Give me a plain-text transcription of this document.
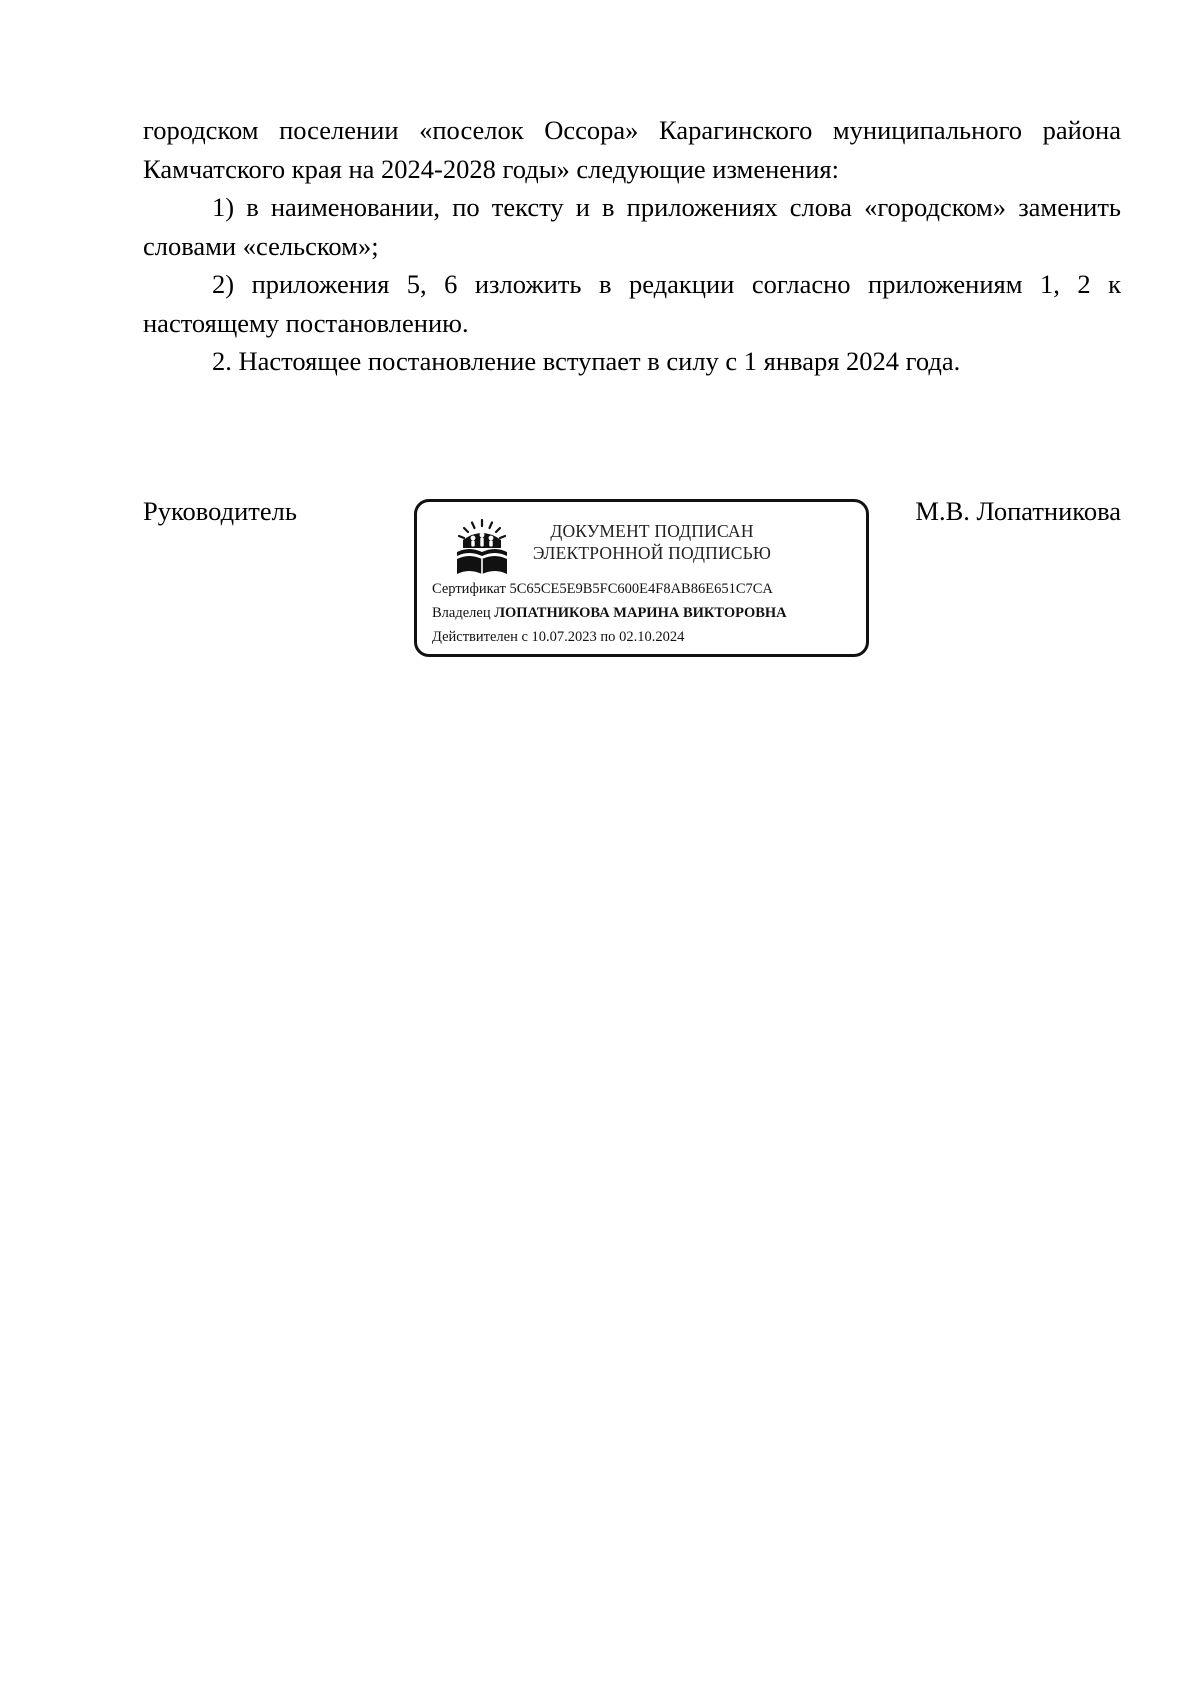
городском поселении «поселок Оссора» Карагинского муниципального района Камчатского края на 2024-2028 годы» следующие изменения:

1) в наименовании, по тексту и в приложениях слова «городском» заменить словами «сельском»;

2) приложения 5, 6 изложить в редакции согласно приложениям 1, 2 к настоящему постановлению.

2. Настоящее постановление вступает в силу с 1 января 2024 года.

Руководитель
ДОКУМЕНТ ПОДПИСАН
ЭЛЕКТРОННОЙ ПОДПИСЬЮ
Сертификат 5C65CE5E9B5FC600E4F8AB86E651C7CA
Владелец ЛОПАТНИКОВА МАРИНА ВИКТОРОВНА
Действителен с 10.07.2023 по 02.10.2024
М.В. Лопатникова
